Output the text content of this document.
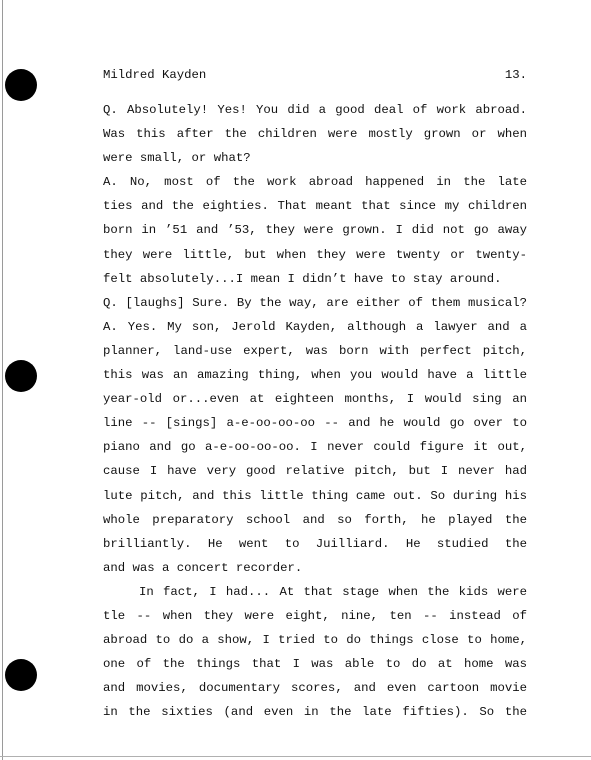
Mildred Kayden	13.
Q. Absolutely! Yes! You did a good deal of work abroad.
Was this after the children were mostly grown or when
were small, or what?
A. No, most of the work abroad happened in the late
ties and the eighties. That meant that since my children
born in ’51 and ’53, they were grown. I did not go away
they were little, but when they were twenty or twenty-
felt absolutely...I mean I didn’t have to stay around.
Q. [laughs] Sure. By the way, are either of them musical?
A. Yes. My son, Jerold Kayden, although a lawyer and a
planner, land-use expert, was born with perfect pitch,
this was an amazing thing, when you would have a little
year-old or...even at eighteen months, I would sing an
line -- [sings] a-e-oo-oo-oo -- and he would go over to
piano and go a-e-oo-oo-oo. I never could figure it out,
cause I have very good relative pitch, but I never had
lute pitch, and this little thing came out. So during his
whole preparatory school and so forth, he played the
brilliantly. He went to Juilliard. He studied the
and was a concert recorder.
In fact, I had... At that stage when the kids were
tle -- when they were eight, nine, ten -- instead of
abroad to do a show, I tried to do things close to home,
one of the things that I was able to do at home was
and movies, documentary scores, and even cartoon movie
in the sixties (and even in the late fifties). So the
